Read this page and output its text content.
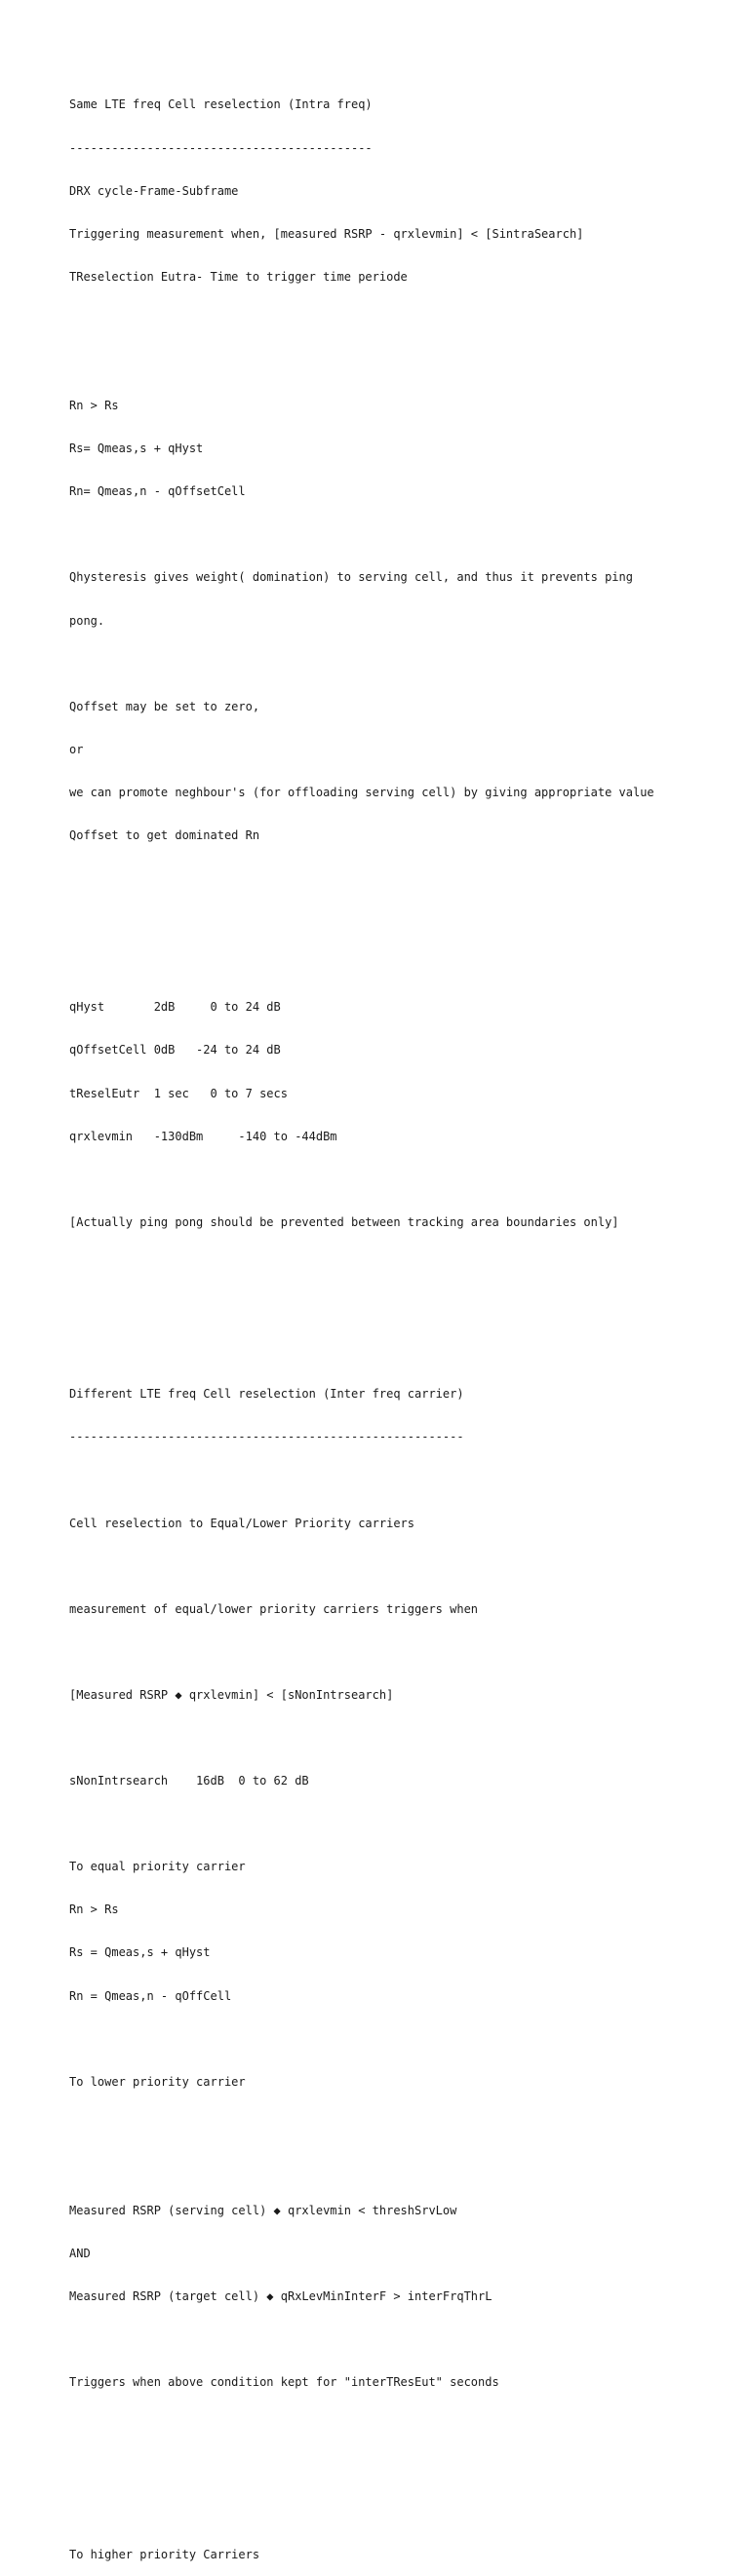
Same LTE freq Cell reselection (Intra freq)

-------------------------------------------

DRX cycle-Frame-Subframe

Triggering measurement when, [measured RSRP - qrxlevmin] < [SintraSearch]

TReselection Eutra- Time to trigger time periode

Rn > Rs

Rs= Qmeas,s + qHyst

Rn= Qmeas,n - qOffsetCell

Qhysteresis gives weight( domination) to serving cell, and thus it prevents ping

pong.

Qoffset may be set to zero,

or

we can promote neghbour's (for offloading serving cell) by giving appropriate value

Qoffset to get dominated Rn

qHyst       2dB     0 to 24 dB

qOffsetCell 0dB   -24 to 24 dB

tReselEutr  1 sec   0 to 7 secs

qrxlevmin   -130dBm     -140 to -44dBm

[Actually ping pong should be prevented between tracking area boundaries only]

Different LTE freq Cell reselection (Inter freq carrier)

--------------------------------------------------------

Cell reselection to Equal/Lower Priority carriers

measurement of equal/lower priority carriers triggers when

[Measured RSRP ◆ qrxlevmin] < [sNonIntrsearch]

sNonIntrsearch    16dB  0 to 62 dB

To equal priority carrier

Rn > Rs

Rs = Qmeas,s + qHyst

Rn = Qmeas,n - qOffCell

To lower priority carrier

Measured RSRP (serving cell) ◆ qrxlevmin < threshSrvLow

AND

Measured RSRP (target cell) ◆ qRxLevMinInterF > interFrqThrL

Triggers when above condition kept for "interTResEut" seconds

To higher priority Carriers
